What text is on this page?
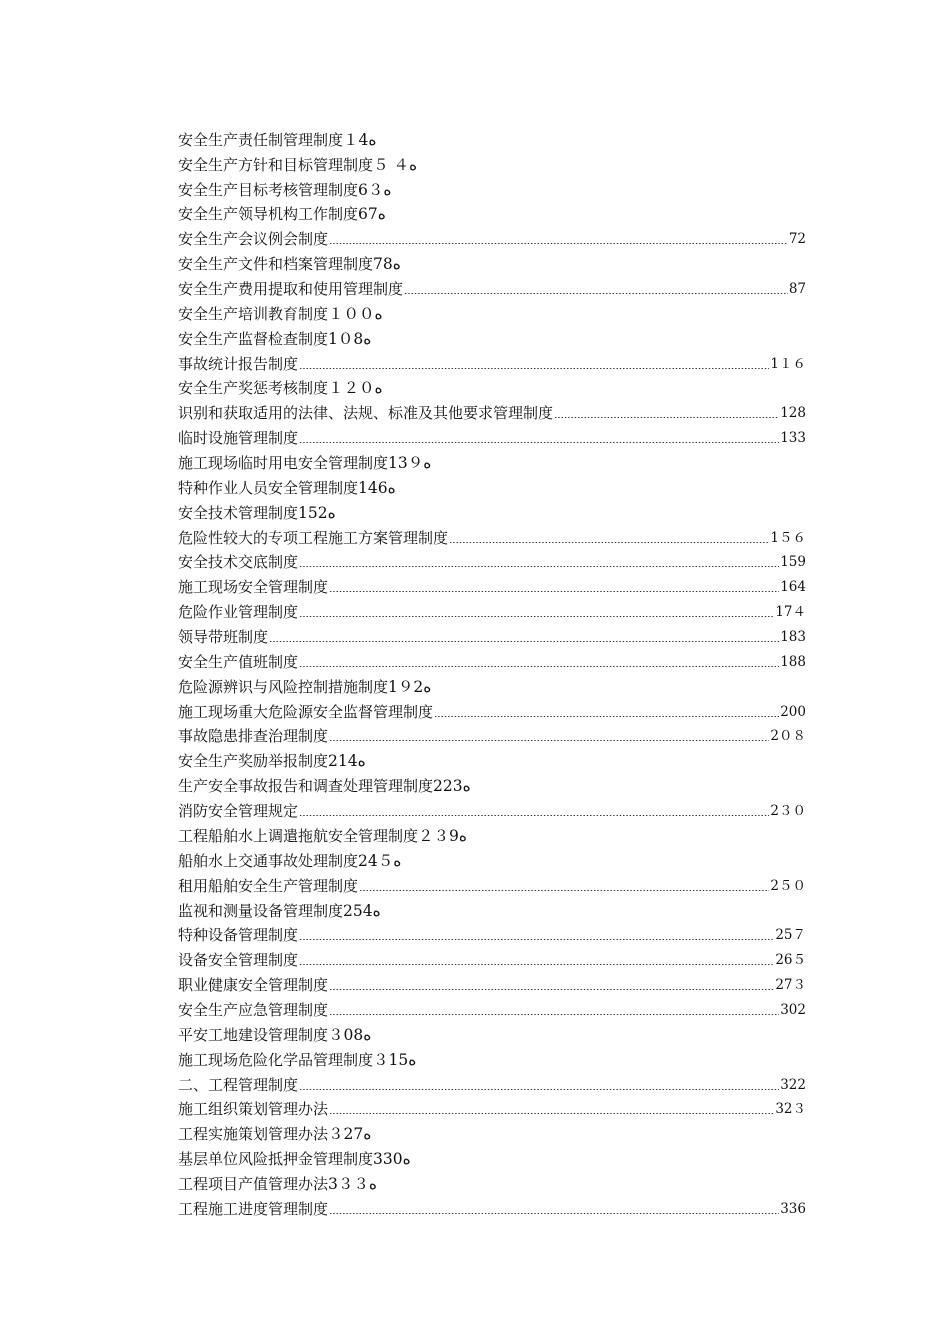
安全生产责任制管理制度 １4 ه
安全生产方针和目标管理制度 ５ ４ ه
安全生产目标考核管理制度 6３ ه
安全生产领导机构工作制度 67 ه
安全生产会议例会制度	72
安全生产文件和档案管理制度 78 ه
安全生产费用提取和使用管理制度	87
安全生产培训教育制度 １００ ه
安全生产监督检查制度 1０8 ه
事故统计报告制度	1１６
安全生产奖惩考核制度 １２０ ه
识别和获取适用的法律、法规、标准及其他要求管理制度	128
临时设施管理制度	133
施工现场临时用电安全管理制度 13９ ه
特种作业人员安全管理制度 146 ه
安全技术管理制度 152 ه
危险性较大的专项工程施工方案管理制度	1５６
安全技术交底制度	159
施工现场安全管理制度	164
危险作业管理制度	17４
领导带班制度	183
安全生产值班制度	188
危险源辨识与风险控制措施制度 1９2 ه
施工现场重大危险源安全监督管理制度	200
事故隐患排查治理制度	2０８
安全生产奖励举报制度 214 ه
生产安全事故报告和调查处理管理制度 223 ه
消防安全管理规定	2３０
工程船舶水上调遣拖航安全管理制度 ２３9 ه
船舶水上交通事故处理制度 24５ ه
租用船舶安全生产管理制度	2５０
监视和测量设备管理制度 254 ه
特种设备管理制度	25７
设备安全管理制度	26５
职业健康安全管理制度	27３
安全生产应急管理制度	302
平安工地建设管理制度 ３08 ه
施工现场危险化学品管理制度 ３15 ه
二、工程管理制度	322
施工组织策划管理办法	32３
工程实施策划管理办法 ３27 ه
基层单位风险抵押金管理制度 330 ه
工程项目产值管理办法 3３３ ه
工程施工进度管理制度	336
